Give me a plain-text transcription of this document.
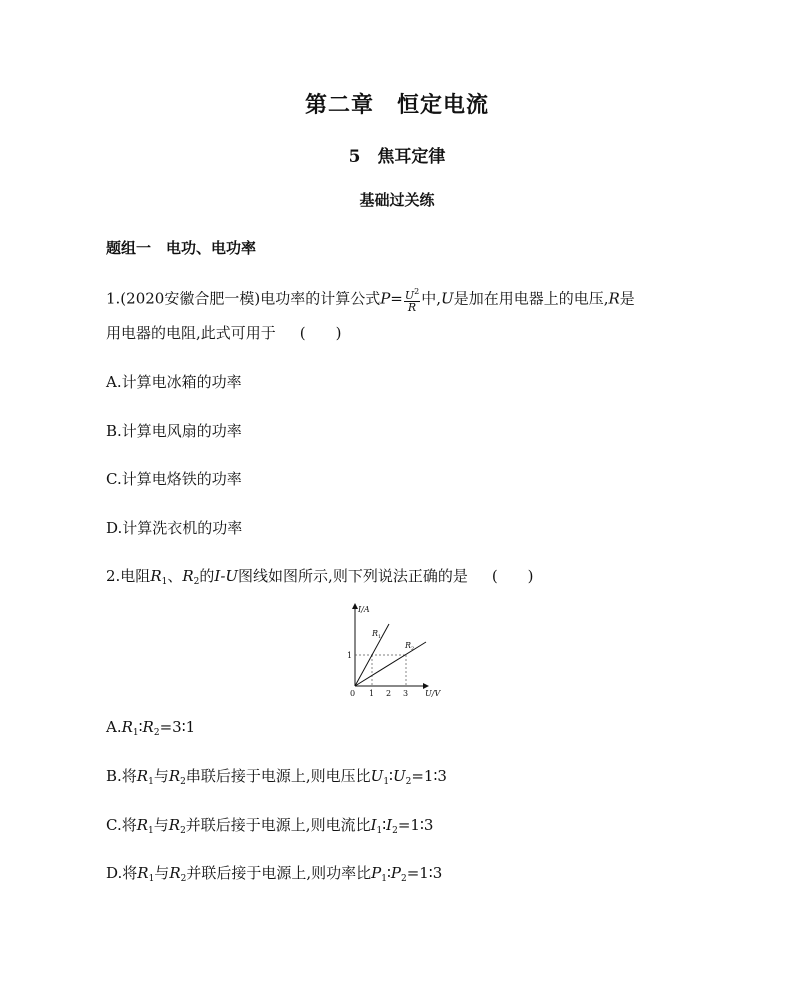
第二章　恒定电流
5　焦耳定律
基础过关练
题组一　电功、电功率
1.(2020安徽合肥一模)电功率的计算公式$P= \frac{U^2}{R}$ 中,U是加在用电器上的电压,R是
用电器的电阻,此式可用于 (　　)
A.计算电冰箱的功率
B.计算电风扇的功率
C.计算电烙铁的功率
D.计算洗衣机的功率
2.电阻$R_1$、$R_2$的I-U图线如图所示,则下列说法正确的是 (　　)
I/A
U/V
0 1 2 3
1
R 1
R 2
$A.R_1∶R_2=3∶1$
B.将$R_1$与$R_2$串联后接于电源上,则电压比$U_1∶U_2=1∶3$
C.将$R_1$与$R_2$并联后接于电源上,则电流比$I_1∶I_2=1∶3$
D.将$R_1$与$R_2$并联后接于电源上,则功率比$P_1∶P_2=1∶3$
